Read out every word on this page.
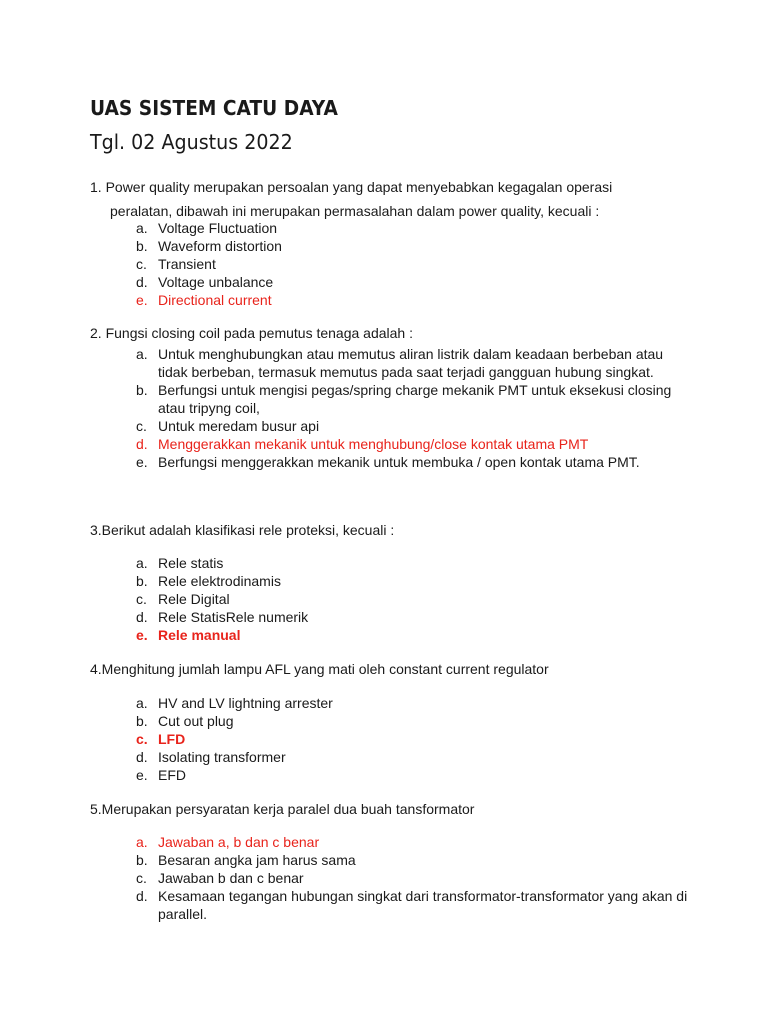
UAS SISTEM CATU DAYA
Tgl. 02 Agustus 2022

1. Power quality merupakan persoalan yang dapat menyebabkan kegagalan operasi

peralatan, dibawah ini merupakan permasalahan dalam power quality, kecuali :

a. Voltage Fluctuation
b. Waveform distortion
c. Transient
d. Voltage unbalance
e. Directional current

2. Fungsi closing coil pada pemutus tenaga adalah :

a. Untuk menghubungkan atau memutus aliran listrik dalam keadaan berbeban atau tidak berbeban, termasuk memutus pada saat terjadi gangguan hubung singkat.
b. Berfungsi untuk mengisi pegas/spring charge mekanik PMT untuk eksekusi closing atau tripyng coil,
c. Untuk meredam busur api
d. Menggerakkan mekanik untuk menghubung/close kontak utama PMT
e. Berfungsi menggerakkan mekanik untuk membuka / open kontak utama PMT.

3.Berikut adalah klasifikasi rele proteksi, kecuali :

a. Rele statis
b. Rele elektrodinamis
c. Rele Digital
d. Rele StatisRele numerik
e. Rele manual

4.Menghitung jumlah lampu AFL yang mati oleh constant current regulator

a. HV and LV lightning arrester
b. Cut out plug
c. LFD
d. Isolating transformer
e. EFD

5.Merupakan persyaratan kerja paralel dua buah tansformator

a. Jawaban a, b dan c benar
b. Besaran angka jam harus sama
c. Jawaban b dan c benar
d. Kesamaan tegangan hubungan singkat dari transformator-transformator yang akan di parallel.
